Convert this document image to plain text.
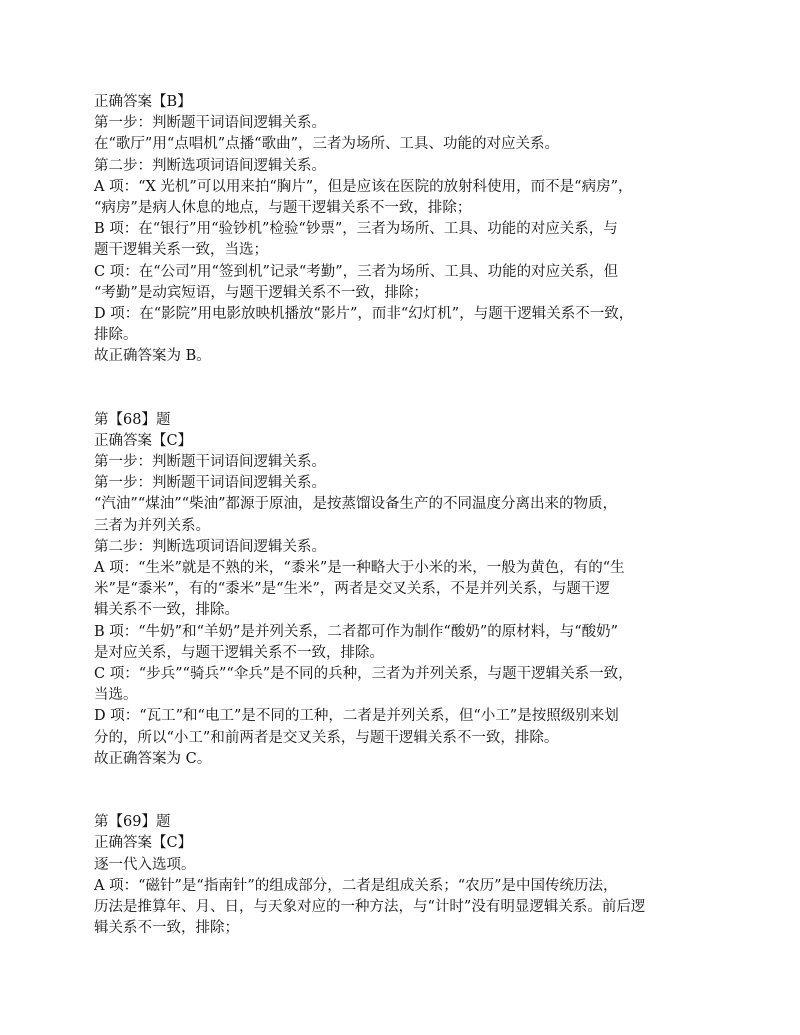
正确答案【B】
第一步：判断题干词语间逻辑关系。
在“歌厅”用“点唱机”点播“歌曲”，三者为场所、工具、功能的对应关系。
第二步：判断选项词语间逻辑关系。
A 项：“X 光机”可以用来拍“胸片”，但是应该在医院的放射科使用，而不是“病房”，
“病房”是病人休息的地点，与题干逻辑关系不一致，排除；
B 项：在“银行”用“验钞机”检验“钞票”，三者为场所、工具、功能的对应关系，与
题干逻辑关系一致，当选；
C 项：在“公司”用“签到机”记录“考勤”，三者为场所、工具、功能的对应关系，但
“考勤”是动宾短语，与题干逻辑关系不一致，排除；
D 项：在“影院”用电影放映机播放“影片”，而非“幻灯机”，与题干逻辑关系不一致，
排除。
故正确答案为 B。
第【68】题
正确答案【C】
第一步：判断题干词语间逻辑关系。
第一步：判断题干词语间逻辑关系。
“汽油”“煤油”“柴油”都源于原油，是按蒸馏设备生产的不同温度分离出来的物质，
三者为并列关系。
第二步：判断选项词语间逻辑关系。
A 项：“生米”就是不熟的米，“黍米”是一种略大于小米的米，一般为黄色，有的“生
米”是“黍米”，有的“黍米”是“生米”，两者是交叉关系，不是并列关系，与题干逻
辑关系不一致，排除。
B 项：“牛奶”和“羊奶”是并列关系，二者都可作为制作“酸奶”的原材料，与“酸奶”
是对应关系，与题干逻辑关系不一致，排除。
C 项：“步兵”“骑兵”“伞兵”是不同的兵种，三者为并列关系，与题干逻辑关系一致，
当选。
D 项：“瓦工”和“电工”是不同的工种，二者是并列关系，但“小工”是按照级别来划
分的，所以“小工”和前两者是交叉关系，与题干逻辑关系不一致，排除。
故正确答案为 C。
第【69】题
正确答案【C】
逐一代入选项。
A 项：“磁针”是“指南针”的组成部分，二者是组成关系；“农历”是中国传统历法，
历法是推算年、月、日，与天象对应的一种方法，与“计时”没有明显逻辑关系。前后逻
辑关系不一致，排除；
